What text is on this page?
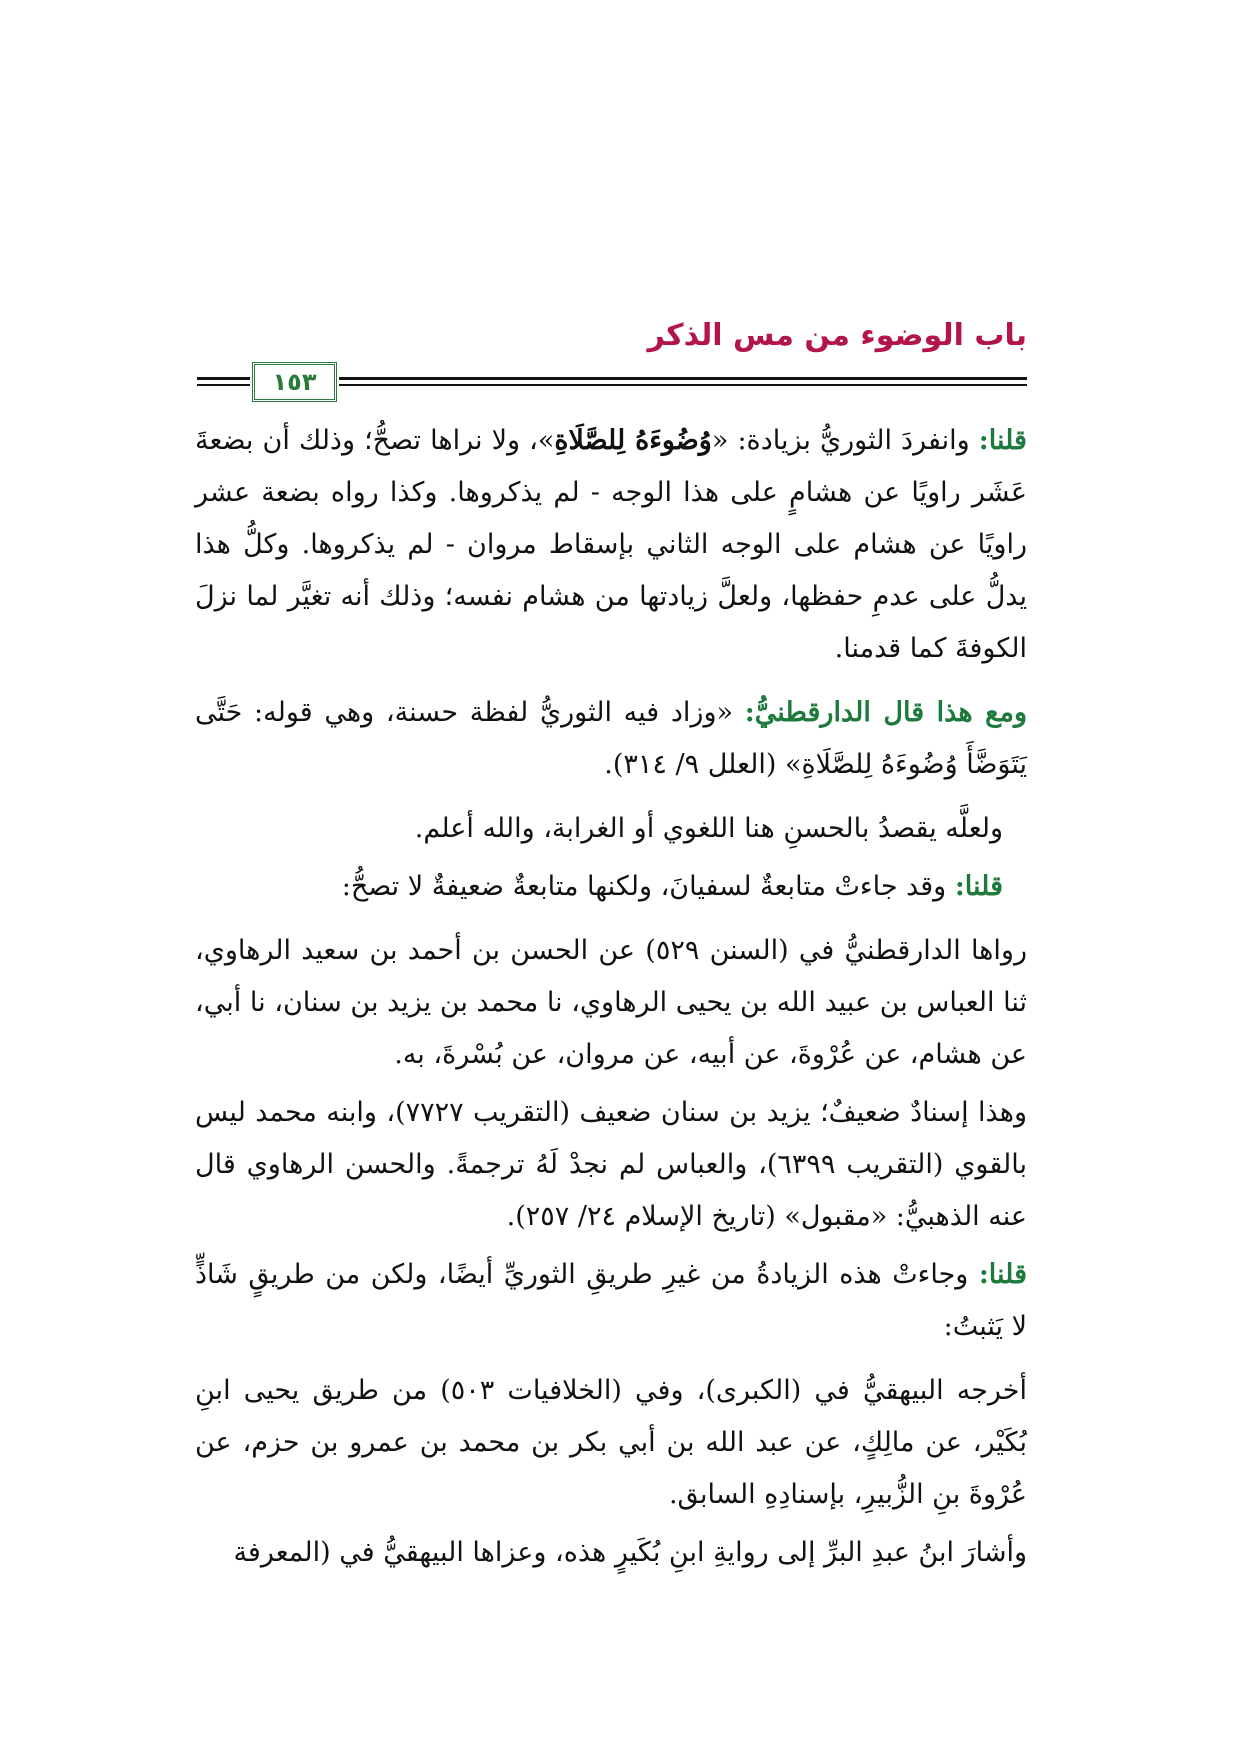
باب الوضوء من مس الذكر
١٥٣

قلنا: وانفردَ الثوريُّ بزيادة: «وُضُوءَهُ لِلصَّلَاةِ»، ولا نراها تصحُّ؛ وذلك أن بضعةَ عَشَر راويًا عن هشامٍ على هذا الوجه - لم يذكروها. وكذا رواه بضعة عشر راويًا عن هشام على الوجه الثاني بإسقاط مروان - لم يذكروها. وكلُّ هذا يدلُّ على عدمِ حفظها، ولعلَّ زيادتها من هشام نفسه؛ وذلك أنه تغيَّر لما نزلَ الكوفةَ كما قدمنا.

ومع هذا قال الدارقطنيُّ: «وزاد فيه الثوريُّ لفظة حسنة، وهي قوله: حَتَّى يَتَوَضَّأَ وُضُوءَهُ لِلصَّلَاةِ» (العلل ٩/ ٣١٤).

ولعلَّه يقصدُ بالحسنِ هنا اللغوي أو الغرابة، والله أعلم.

قلنا: وقد جاءتْ متابعةٌ لسفيانَ، ولكنها متابعةٌ ضعيفةٌ لا تصحُّ:

رواها الدارقطنيُّ في (السنن ٥٢٩) عن الحسن بن أحمد بن سعيد الرهاوي، ثنا العباس بن عبيد الله بن يحيى الرهاوي، نا محمد بن يزيد بن سنان، نا أبي، عن هشام، عن عُرْوةَ، عن أبيه، عن مروان، عن بُسْرةَ، به.

وهذا إسنادٌ ضعيفٌ؛ يزيد بن سنان ضعيف (التقريب ٧٧٢٧)، وابنه محمد ليس بالقوي (التقريب ٦٣٩٩)، والعباس لم نجدْ لَهُ ترجمةً. والحسن الرهاوي قال عنه الذهبيُّ: «مقبول» (تاريخ الإسلام ٢٤/ ٢٥٧).

قلنا: وجاءتْ هذه الزيادةُ من غيرِ طريقِ الثوريِّ أيضًا، ولكن من طريقٍ شَاذٍّ لا يَثبتُ:

أخرجه البيهقيُّ في (الكبرى)، وفي (الخلافيات ٥٠٣) من طريق يحيى ابنِ بُكَيْر، عن مالِكٍ، عن عبد الله بن أبي بكر بن محمد بن عمرو بن حزم، عن عُرْوةَ بنِ الزُّبيرِ، بإسنادِهِ السابق.

وأشارَ ابنُ عبدِ البرِّ إلى روايةِ ابنِ بُكَيرٍ هذه، وعزاها البيهقيُّ في (المعرفة
